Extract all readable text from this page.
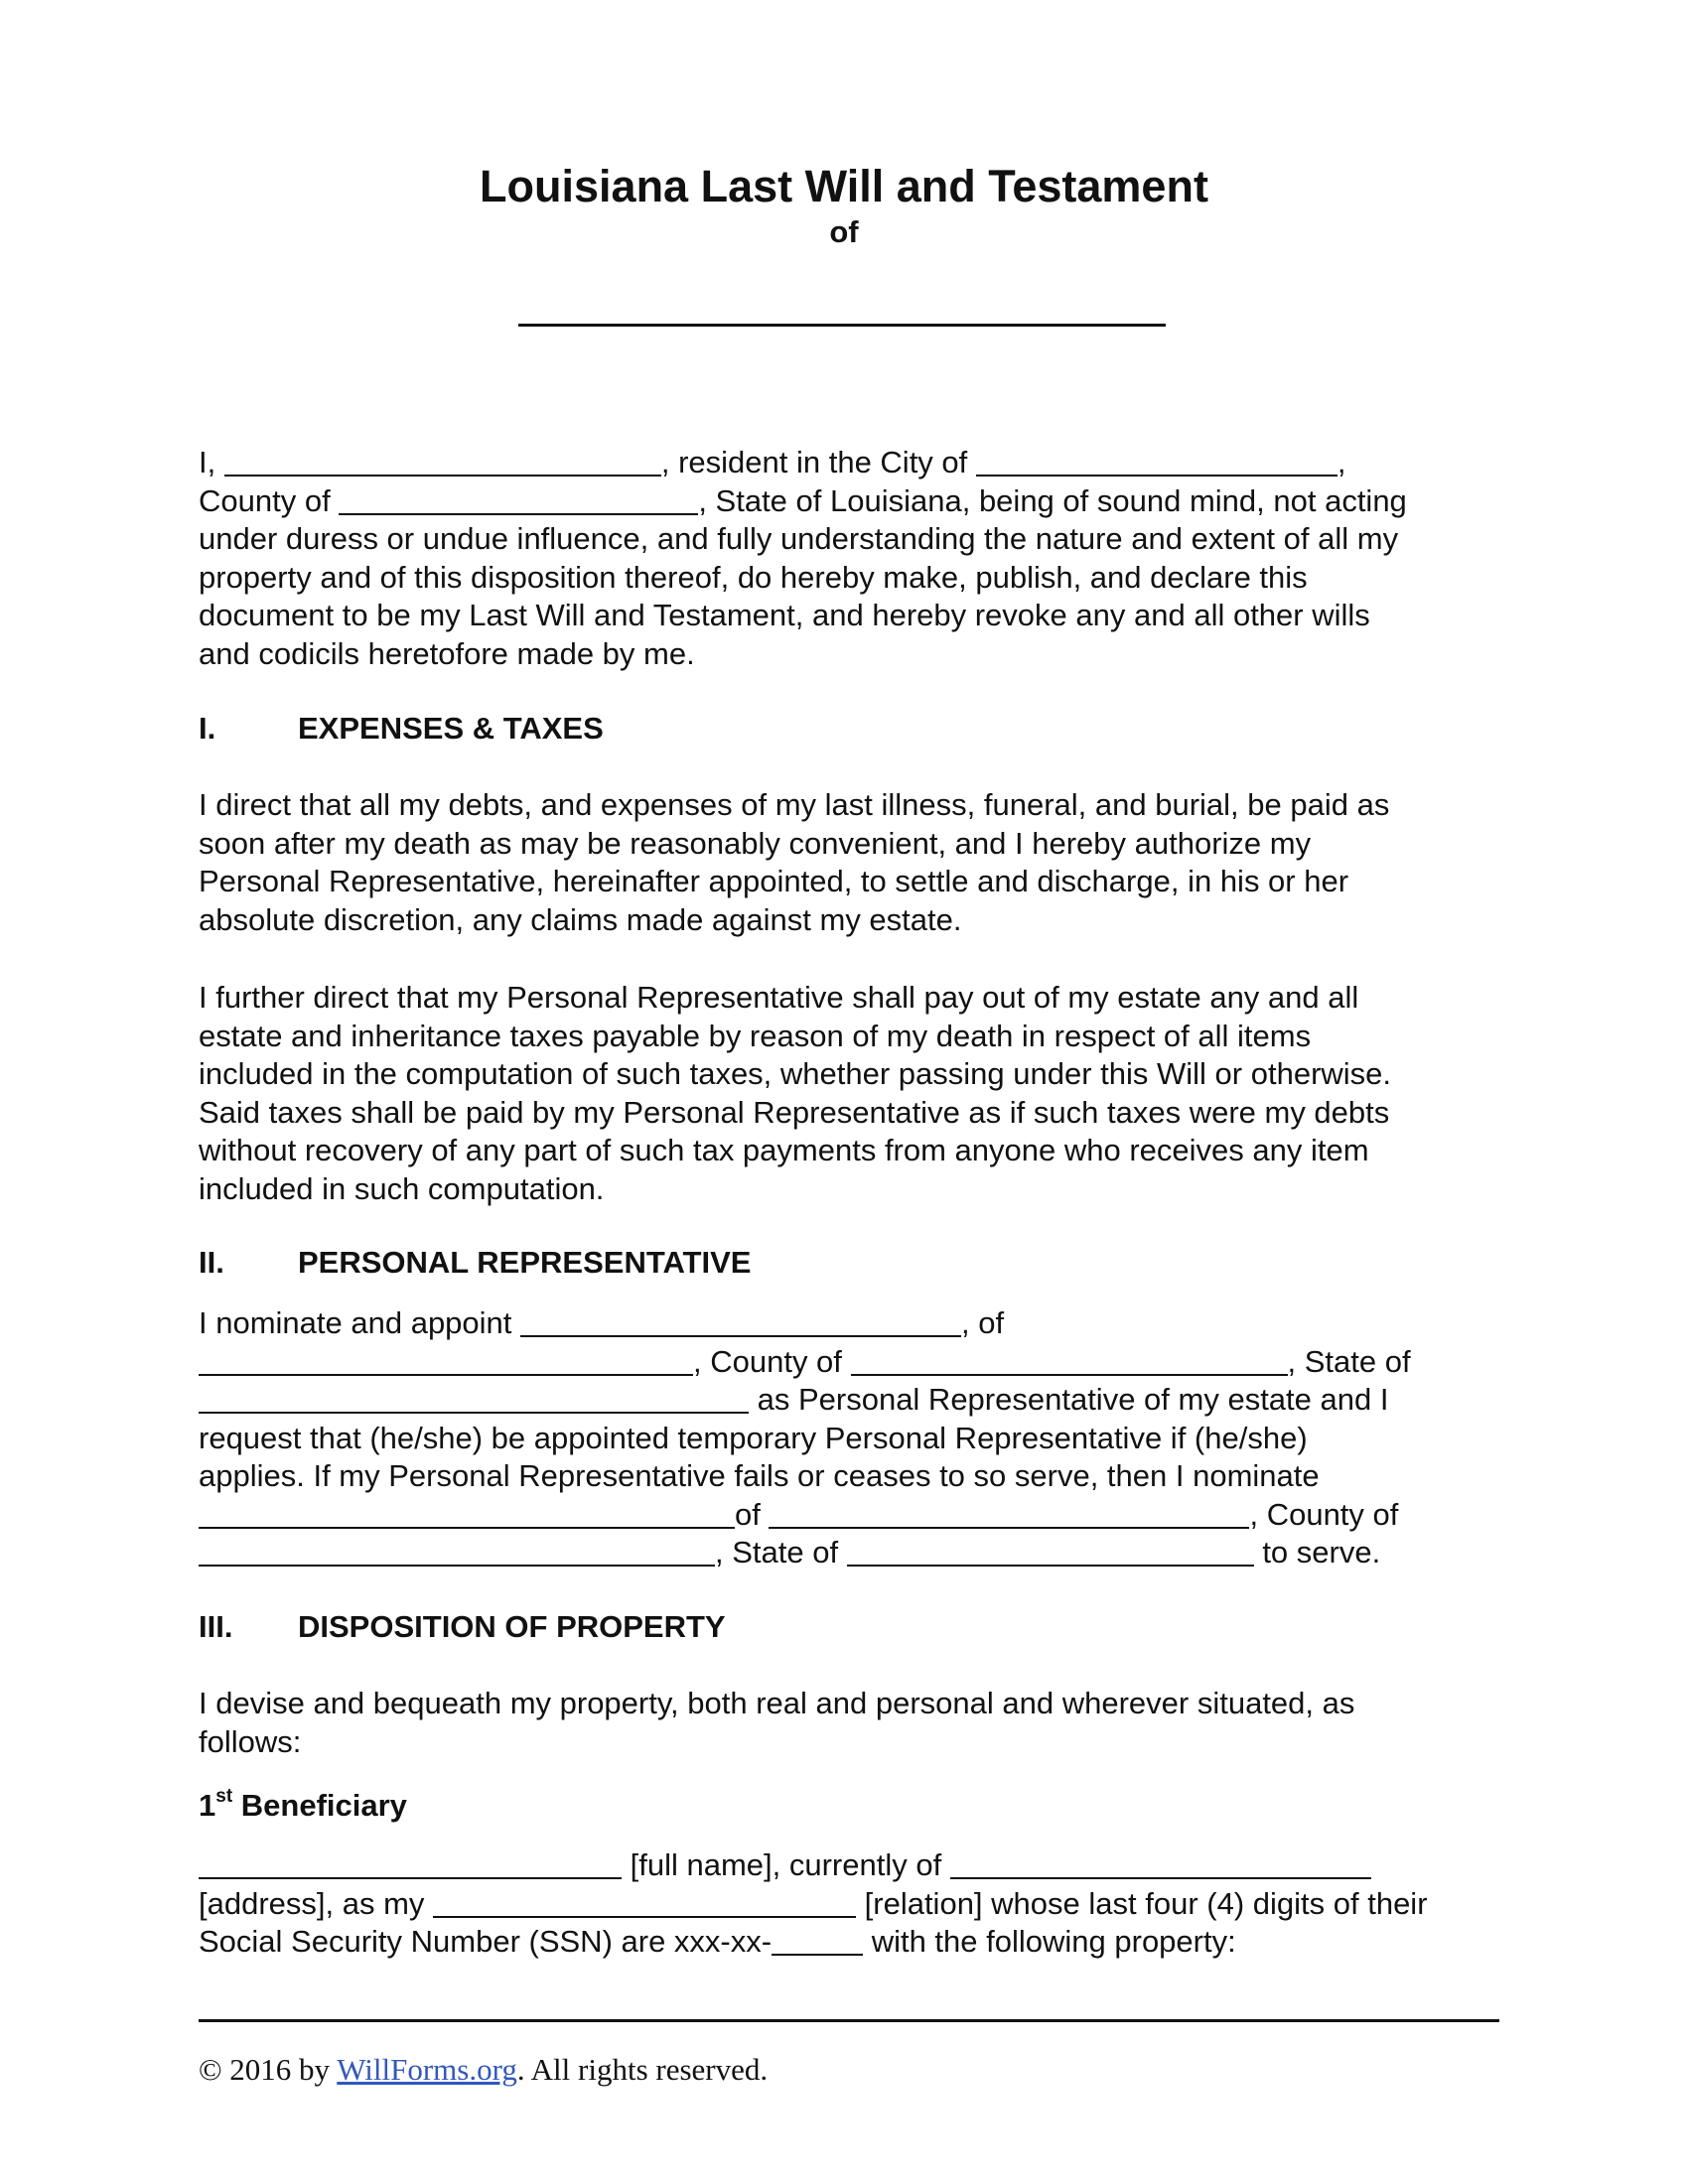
Louisiana Last Will and Testament
of
I,	, resident in the City of	,
County of	, State of Louisiana, being of sound mind, not acting
under duress or undue influence, and fully understanding the nature and extent of all my
property and of this disposition thereof, do hereby make, publish, and declare this
document to be my Last Will and Testament, and hereby revoke any and all other wills
and codicils heretofore made by me.
I.	EXPENSES & TAXES
I direct that all my debts, and expenses of my last illness, funeral, and burial, be paid as
soon after my death as may be reasonably convenient, and I hereby authorize my
Personal Representative, hereinafter appointed, to settle and discharge, in his or her
absolute discretion, any claims made against my estate.
I further direct that my Personal Representative shall pay out of my estate any and all
estate and inheritance taxes payable by reason of my death in respect of all items
included in the computation of such taxes, whether passing under this Will or otherwise.
Said taxes shall be paid by my Personal Representative as if such taxes were my debts
without recovery of any part of such tax payments from anyone who receives any item
included in such computation.
II. PERSONAL REPRESENTATIVE
I nominate and appoint	, of
, County of	, State of
as Personal Representative of my estate and I
request that (he/she) be appointed temporary Personal Representative if (he/she)
applies. If my Personal Representative fails or ceases to so serve, then I nominate
of	, County of
, State of	to serve.
III. DISPOSITION OF PROPERTY
I devise and bequeath my property, both real and personal and wherever situated, as
follows:
1st Beneficiary
[full name], currently of
[address], as my	[relation] whose last four (4) digits of their
Social Security Number (SSN) are xxx-xx-	with the following property:
© 2016 by WillForms.org. All rights reserved.
